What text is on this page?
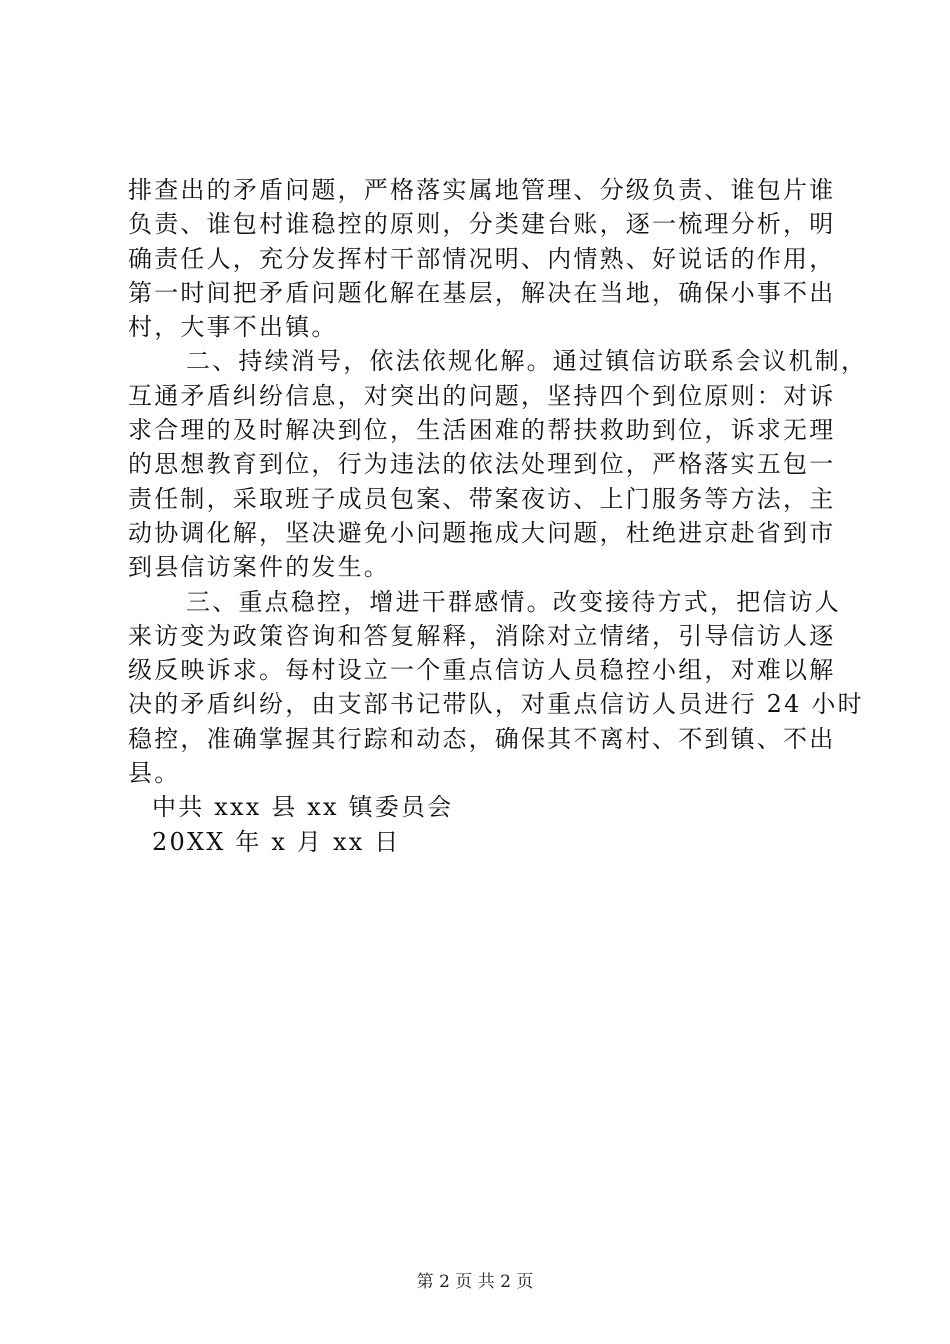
排查出的矛盾问题，严格落实属地管理、分级负责、谁包片谁
负责、谁包村谁稳控的原则，分类建台账，逐一梳理分析，明
确责任人，充分发挥村干部情况明、内情熟、好说话的作用，
第一时间把矛盾问题化解在基层，解决在当地，确保小事不出
村，大事不出镇。
二、持续消号，依法依规化解。通过镇信访联系会议机制，
互通矛盾纠纷信息，对突出的问题，坚持四个到位原则：对诉
求合理的及时解决到位，生活困难的帮扶救助到位，诉求无理
的思想教育到位，行为违法的依法处理到位，严格落实五包一
责任制，采取班子成员包案、带案夜访、上门服务等方法，主
动协调化解，坚决避免小问题拖成大问题，杜绝进京赴省到市
到县信访案件的发生。
三、重点稳控，增进干群感情。改变接待方式，把信访人
来访变为政策咨询和答复解释，消除对立情绪，引导信访人逐
级反映诉求。每村设立一个重点信访人员稳控小组，对难以解
决的矛盾纠纷，由支部书记带队，对重点信访人员进行 24 小时
稳控，准确掌握其行踪和动态，确保其不离村、不到镇、不出
县。
中共 xxx 县 xx 镇委员会
20XX 年 x 月 xx 日
第 2 页 共 2 页
